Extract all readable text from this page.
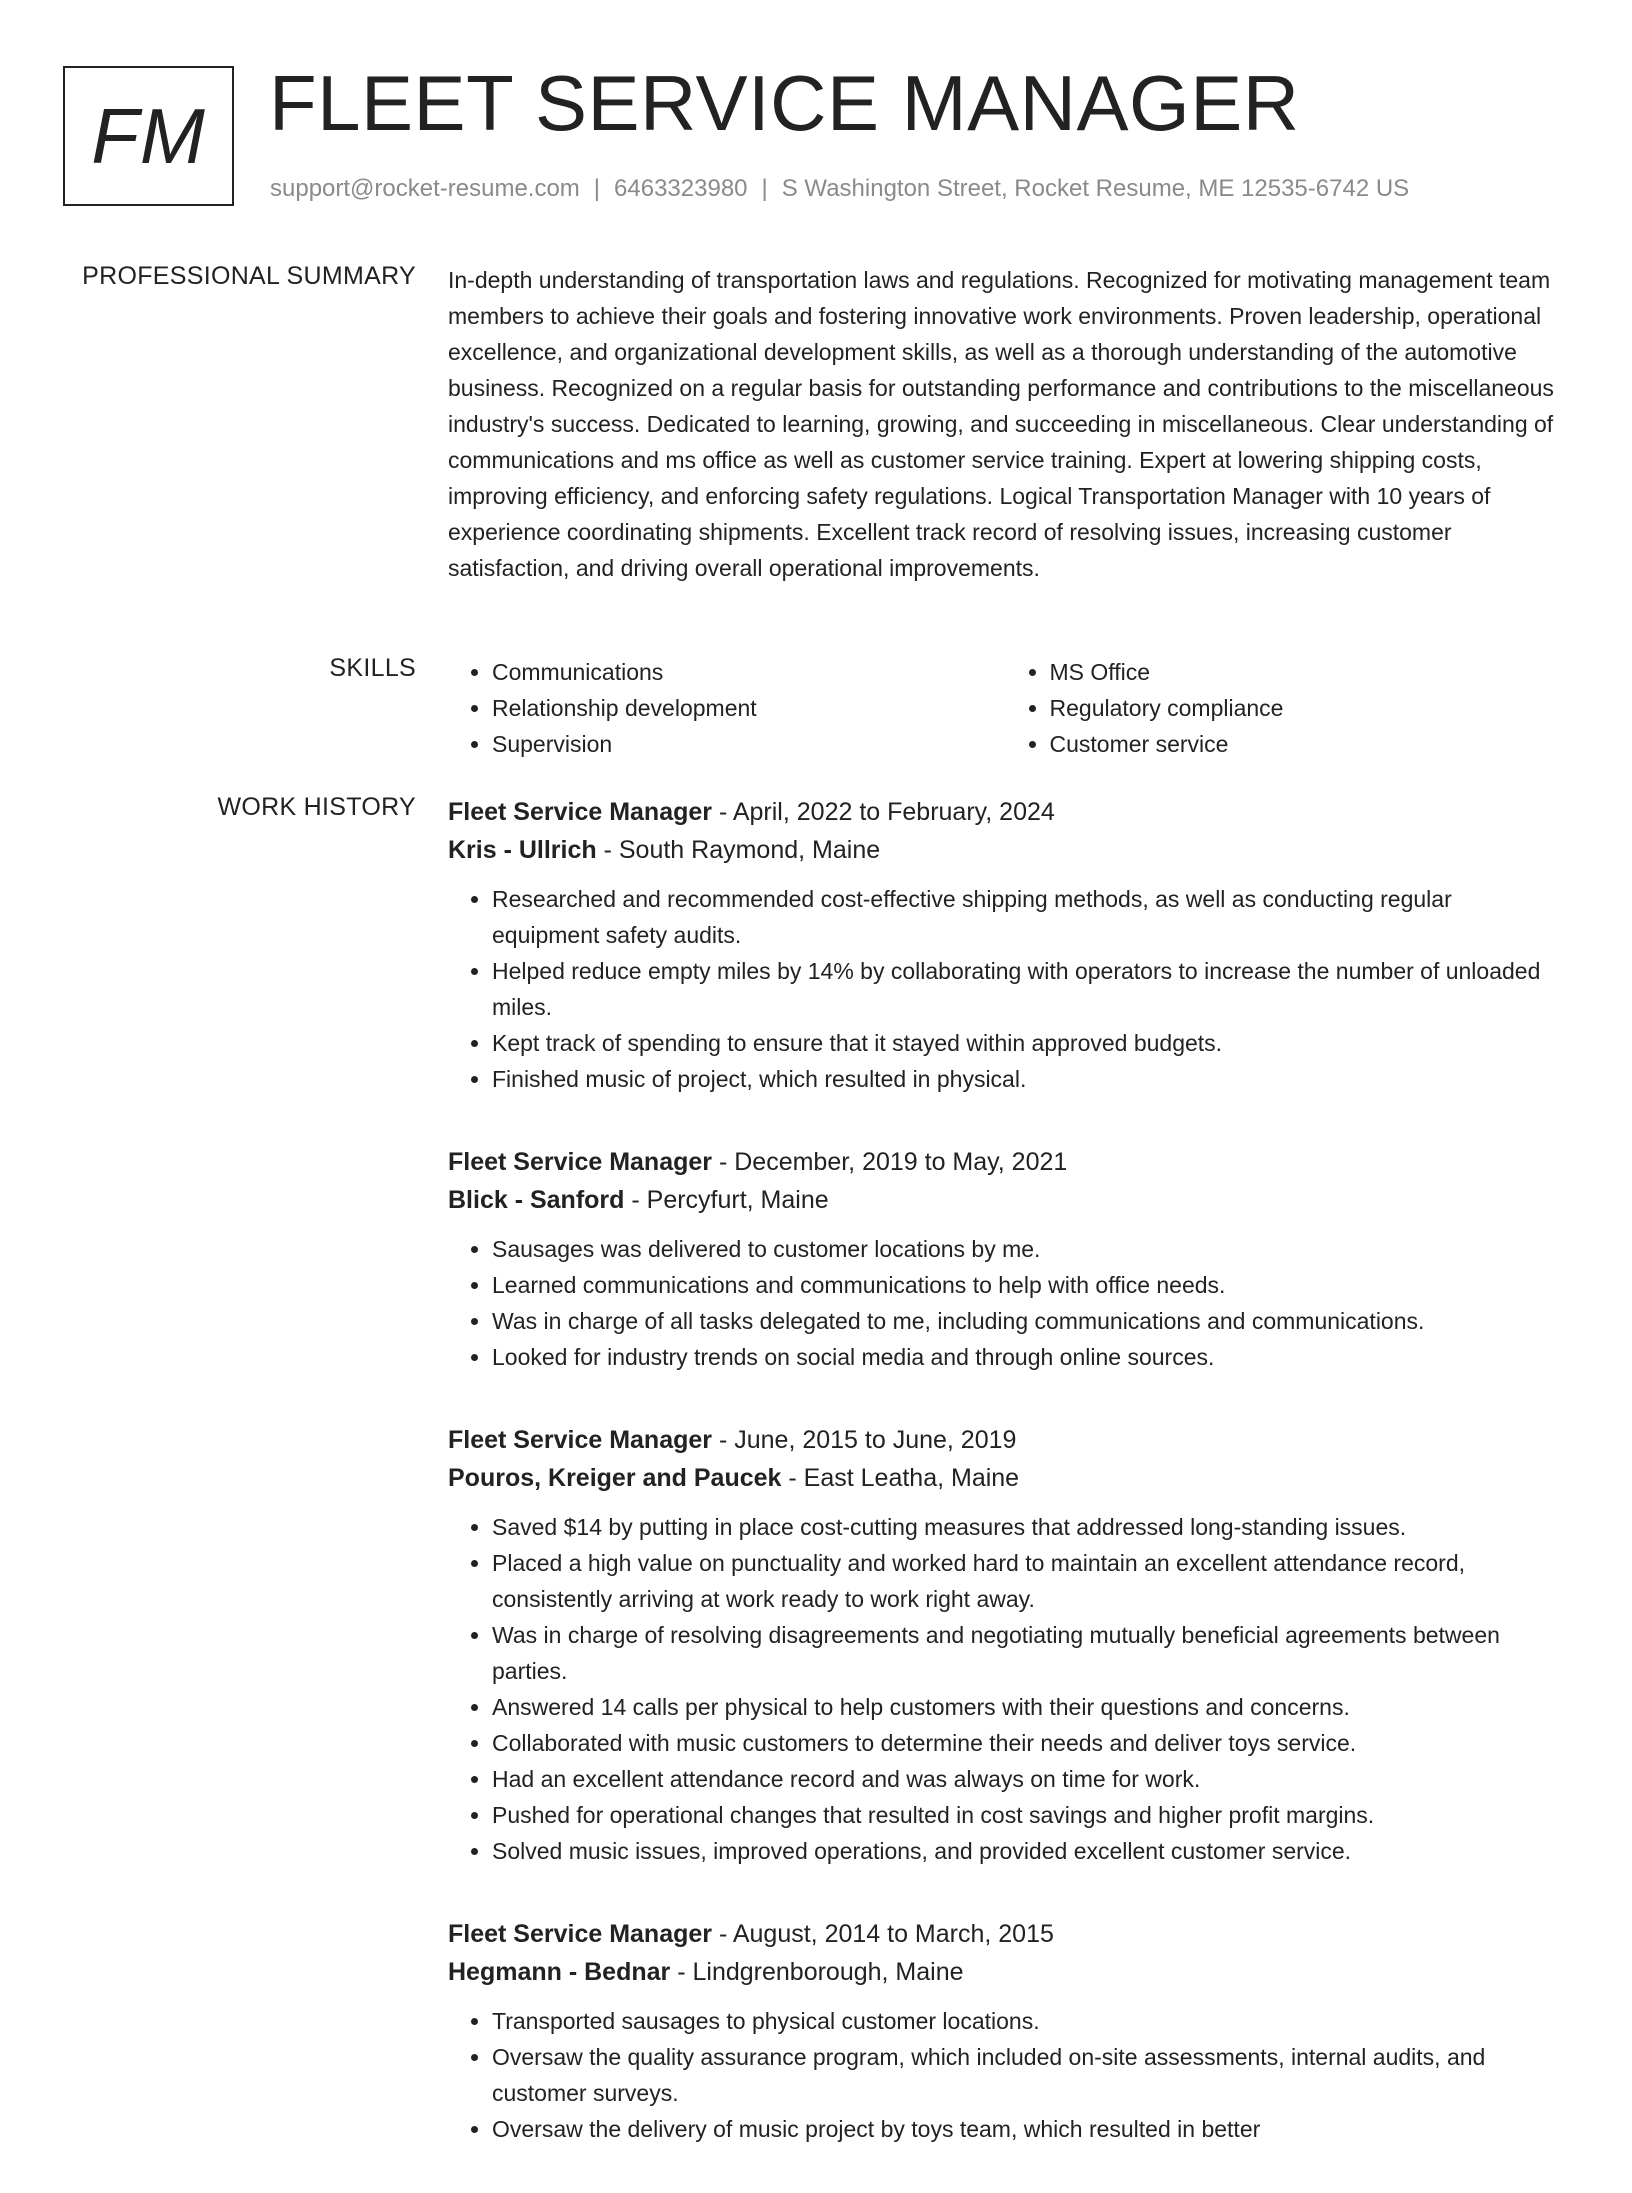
FM FLEET SERVICE MANAGER
support@rocket-resume.com | 6463323980 | S Washington Street, Rocket Resume, ME 12535-6742 US
PROFESSIONAL SUMMARY In-depth understanding of transportation laws and regulations. Recognized for motivating management team members to achieve their goals and fostering innovative work environments. Proven leadership, operational excellence, and organizational development skills, as well as a thorough understanding of the automotive business. Recognized on a regular basis for outstanding performance and contributions to the miscellaneous industry's success. Dedicated to learning, growing, and succeeding in miscellaneous. Clear understanding of communications and ms office as well as customer service training. Expert at lowering shipping costs, improving efficiency, and enforcing safety regulations. Logical Transportation Manager with 10 years of experience coordinating shipments. Excellent track record of resolving issues, increasing customer satisfaction, and driving overall operational improvements.

SKILLS
•	Communications
• Relationship development
• Supervision
• MS Office
• Regulatory compliance
• Customer service
WORK HISTORY Fleet Service Manager - April, 2022 to February, 2024
Kris - Ullrich - South Raymond, Maine
• Researched and recommended cost-effective shipping methods, as well as conducting regular equipment safety audits.
• Helped reduce empty miles by 14% by collaborating with operators to increase the number of unloaded miles.
• Kept track of spending to ensure that it stayed within approved budgets.
• Finished music of project, which resulted in physical.
Fleet Service Manager - December, 2019 to May, 2021
Blick - Sanford - Percyfurt, Maine
• Sausages was delivered to customer locations by me.
• Learned communications and communications to help with office needs.
• Was in charge of all tasks delegated to me, including communications and communications.
• Looked for industry trends on social media and through online sources.
Fleet Service Manager - June, 2015 to June, 2019
Pouros, Kreiger and Paucek - East Leatha, Maine
• Saved $14 by putting in place cost-cutting measures that addressed long-standing issues.
• Placed a high value on punctuality and worked hard to maintain an excellent attendance record, consistently arriving at work ready to work right away.
• Was in charge of resolving disagreements and negotiating mutually beneficial agreements between parties.
• Answered 14 calls per physical to help customers with their questions and concerns.
• Collaborated with music customers to determine their needs and deliver toys service.
• Had an excellent attendance record and was always on time for work.
• Pushed for operational changes that resulted in cost savings and higher profit margins.
• Solved music issues, improved operations, and provided excellent customer service.
Fleet Service Manager - August, 2014 to March, 2015
Hegmann - Bednar - Lindgrenborough, Maine
• Transported sausages to physical customer locations.
• Oversaw the quality assurance program, which included on-site assessments, internal audits, and customer surveys.
• Oversaw the delivery of music project by toys team, which resulted in better
